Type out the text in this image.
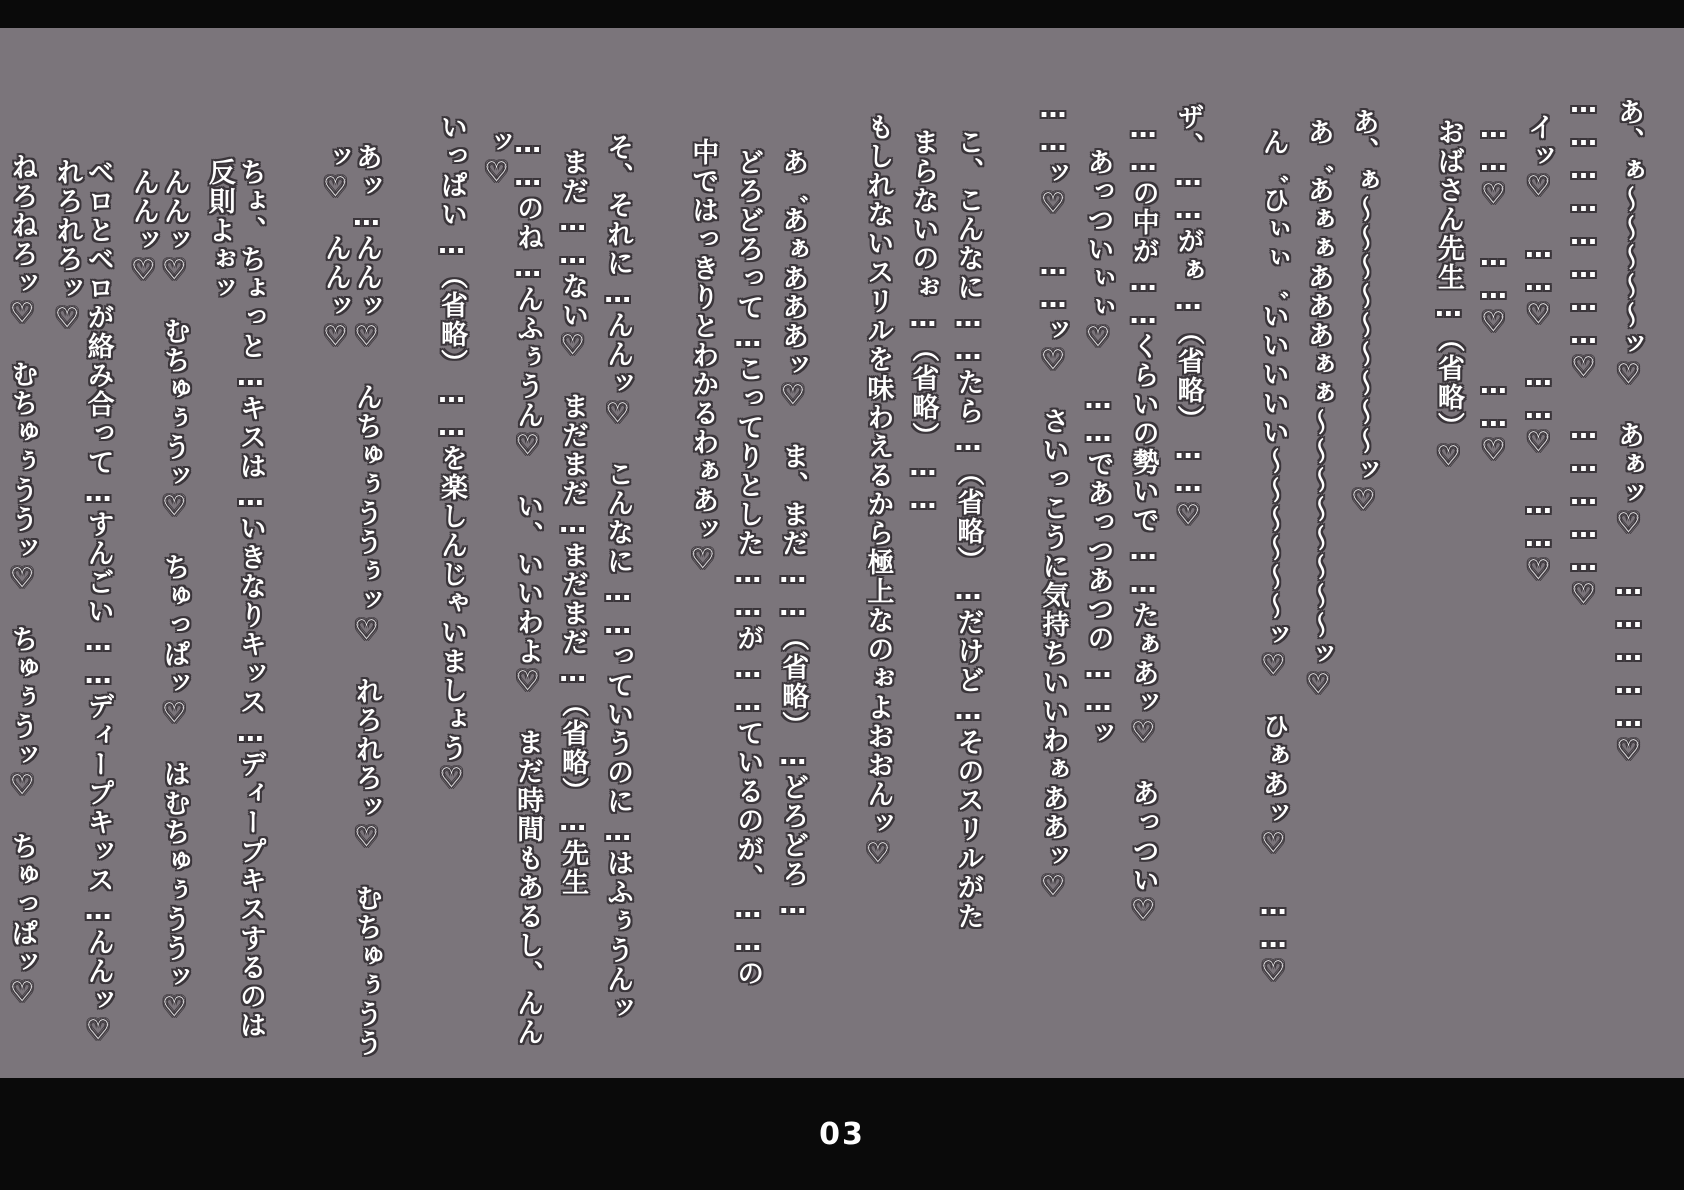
あ、ぁ〜〜〜〜〜ッ♡　あぁッ♡　……………♡
……………………♡　……………♡
イッ♡　……♡　……♡　……♡
……♡　……♡　……♡
おばさん先生…（省略）♡
あ、ぁ〜〜〜〜〜〜〜〜〜ッ♡
あ゛あぁぁあああぁぁ〜〜〜〜〜〜〜〜ッ♡
ん゛ひぃぃ゛いいいいい〜〜〜〜〜〜ッ♡　ひぁあッ♡　……♡
ザ、……がぁ…（省略）……♡
……の中が……くらいの勢いで……たぁあッ♡　あっつい♡
あっついぃぃ♡　……であっつあつの……ッ
……ッ♡　……ッ♡　さいっこうに気持ちいいわぁああッ♡
こ、こんなに……たら…（省略）…だけど…そのスリルがた
まらないのぉ…（省略）……
もしれないスリルを味わえるから極上なのぉよおおんッ♡
あ゛あぁあああッ♡　ま、まだ……（省略）…どろどろ…
どろどろって…こってりとした……が……ているのが、……の
中ではっきりとわかるわぁあッ♡
そ、それに…んんッ♡　こんなに……っていうのに…はふぅうんッ
まだ……ない♡　まだまだ…まだまだ…（省略）…先生
……のね…んふぅうん♡　い、いいわよ♡　まだ時間もあるし、んんッ♡
いっぱい…（省略）……を楽しんじゃいましょう♡
あッ…んんッ♡　んちゅぅううぅッ♡　れろれろッ♡　むちゅぅううッ♡　んんッ♡
ちょ、ちょっと…キスは…いきなりキッス…ディープキスするのは反則よぉッ
んんッ♡　むちゅぅうッ♡　ちゅっぱッ♡　はむちゅぅううッ♡　んんッ♡
ベロとベロが絡み合って…すんごい……ディープキッス…んんッ♡　れろれろッ♡
ねろねろッ♡　むちゅぅううッ♡　ちゅぅうッ♡　ちゅっぱッ♡
03
